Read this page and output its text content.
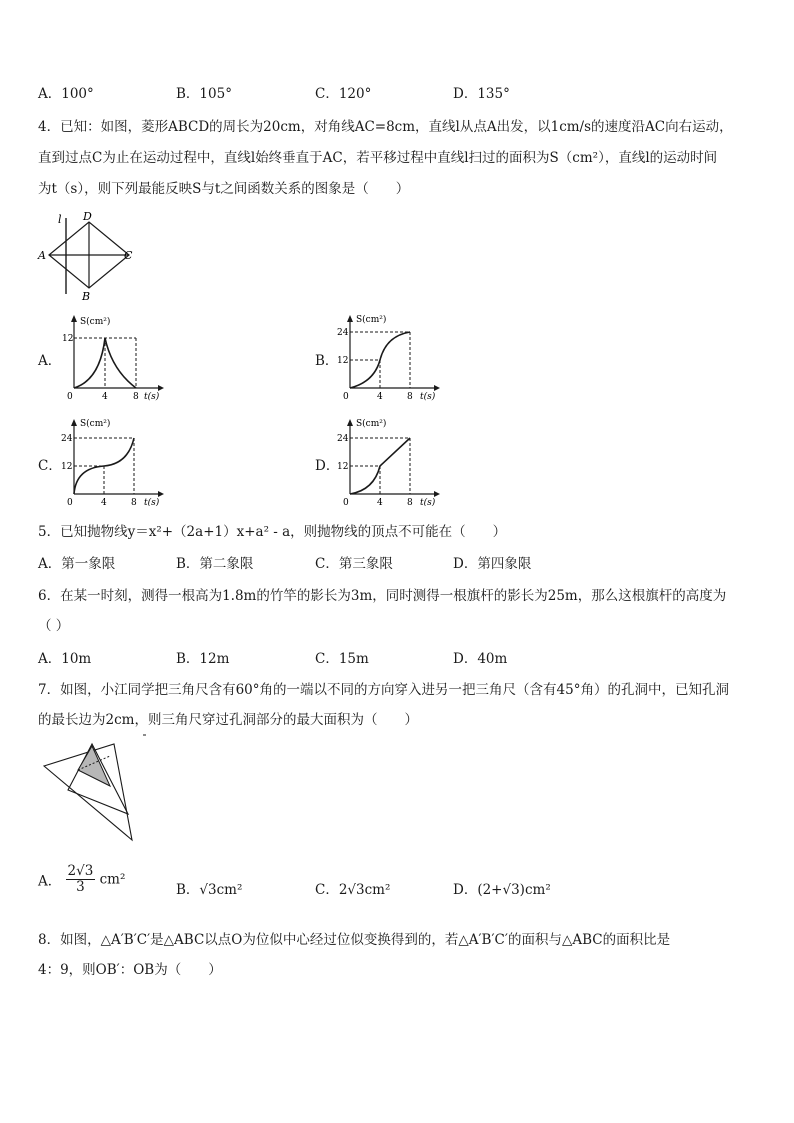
A．100°	B．105°	C．120°	D．135°
4．已知：如图，菱形ABCD的周长为20cm，对角线AC=8cm，直线l从点A出发，以1cm/s的速度沿AC向右运动，
直到过点C为止在运动过程中，直线l始终垂直于AC，若平移过程中直线l扫过的面积为S（cm²），直线l的运动时间
为t（s），则下列最能反映S与t之间函数关系的图象是（　　）
l D
A	C
B
A．	B．
C．	D．
S(cm²)
12
0	4	8 t(s)
S(cm²)
24
12
0	4	8 t(s)
S(cm²)
24
12
0	4	8 t(s)
S(cm²)
24
12
0	4	8 t(s)
5．已知抛物线y＝x²+（2a+1）x+a² - a，则抛物线的顶点不可能在（　　）
A．第一象限	B．第二象限	C．第三象限	D．第四象限
6．在某一时刻，测得一根高为1.8m的竹竿的影长为3m，同时测得一根旗杆的影长为25m，那么这根旗杆的高度为
（ ）
A．10m	B．12m	C．15m	D．40m
7．如图，小江同学把三角尺含有60°角的一端以不同的方向穿入进另一把三角尺（含有45°角）的孔洞中，已知孔洞
的最长边为2cm，则三角尺穿过孔洞部分的最大面积为（　　）
A． $\frac{2√3}{3} cm^2$
B．√3cm²	C．2√3cm²	D．(2+√3)cm²
8．如图，△A′B′C′是△ABC以点O为位似中心经过位似变换得到的，若△A′B′C′的面积与△ABC的面积比是
4：9，则OB′：OB为（　　）
